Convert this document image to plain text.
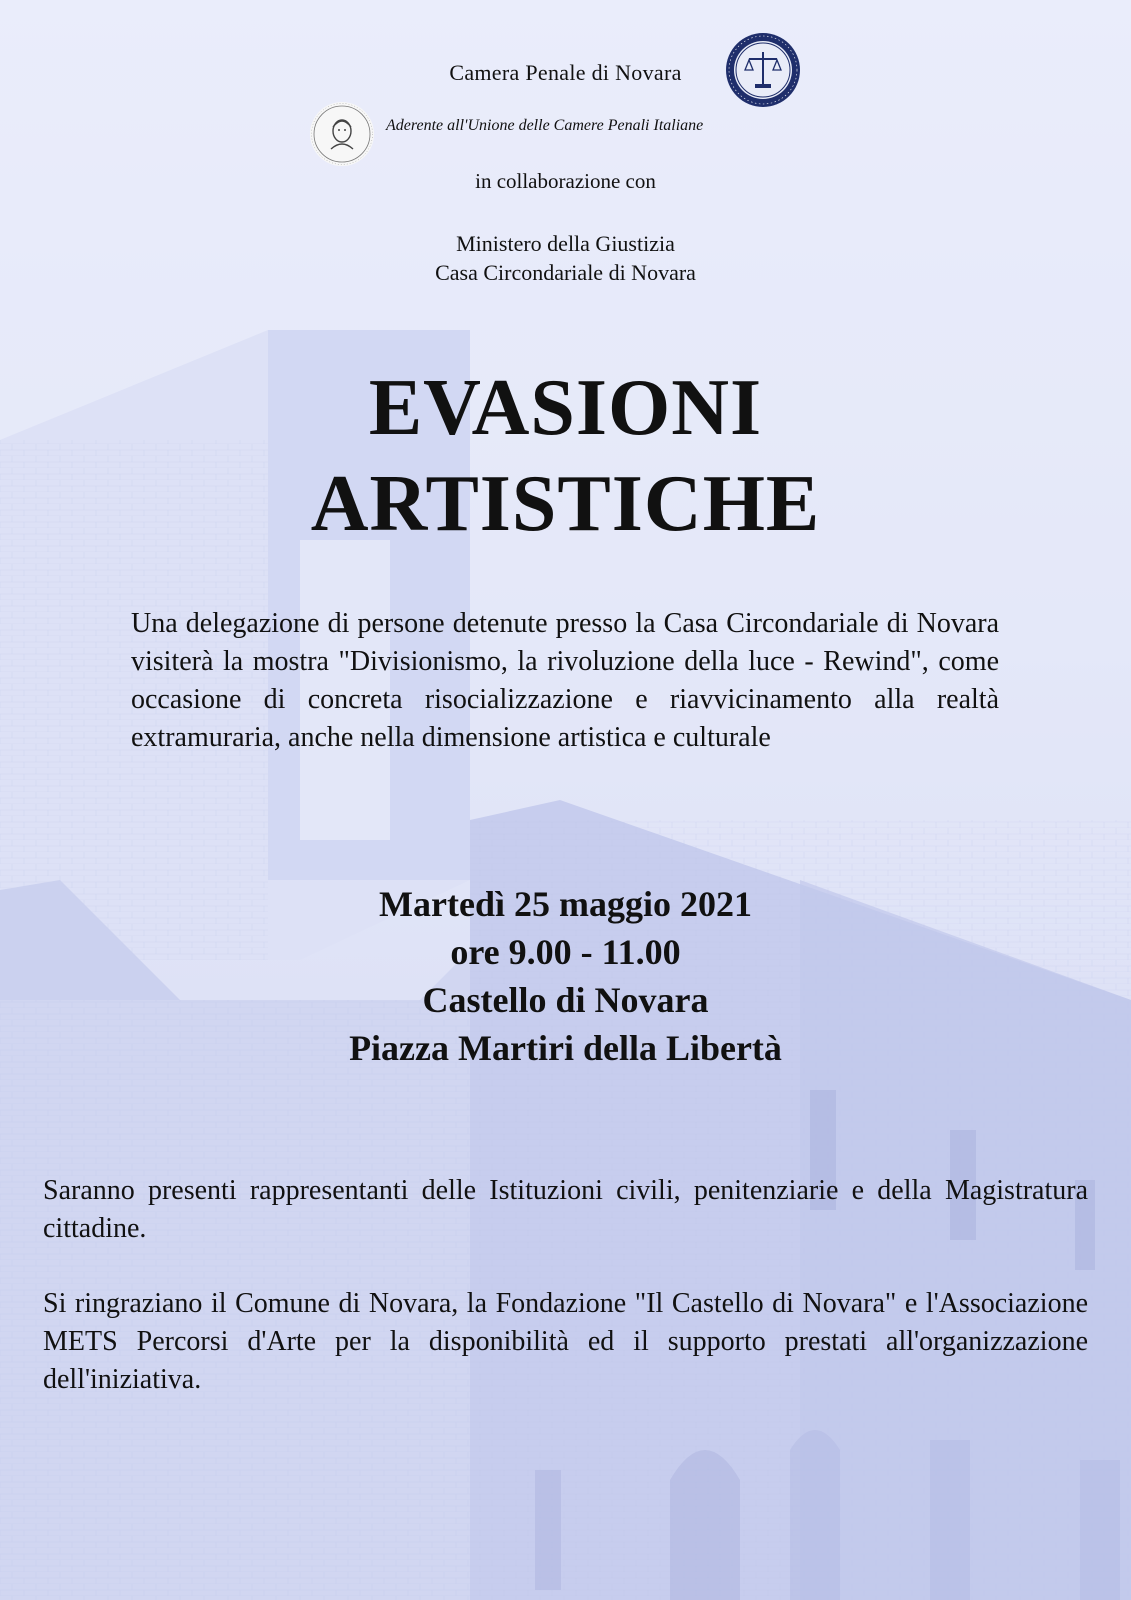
Camera Penale di Novara
Aderente all'Unione delle Camere Penali Italiane
in collaborazione con
Ministero della Giustizia
Casa Circondariale di Novara
EVASIONI
ARTISTICHE
Una delegazione di persone detenute presso la Casa Circondariale di Novara visiterà la mostra "Divisionismo, la rivoluzione della luce - Rewind", come occasione di concreta risocializzazione e riavvicinamento alla realtà extramuraria, anche nella dimensione artistica e culturale
Martedì 25 maggio 2021
ore 9.00 - 11.00
Castello di Novara
Piazza Martiri della Libertà
Saranno presenti rappresentanti delle Istituzioni civili, penitenziarie e della Magistratura cittadine.
Si ringraziano il Comune di Novara, la Fondazione "Il Castello di Novara" e l'Associazione METS Percorsi d'Arte per la disponibilità ed il supporto prestati all'organizzazione dell'iniziativa.
